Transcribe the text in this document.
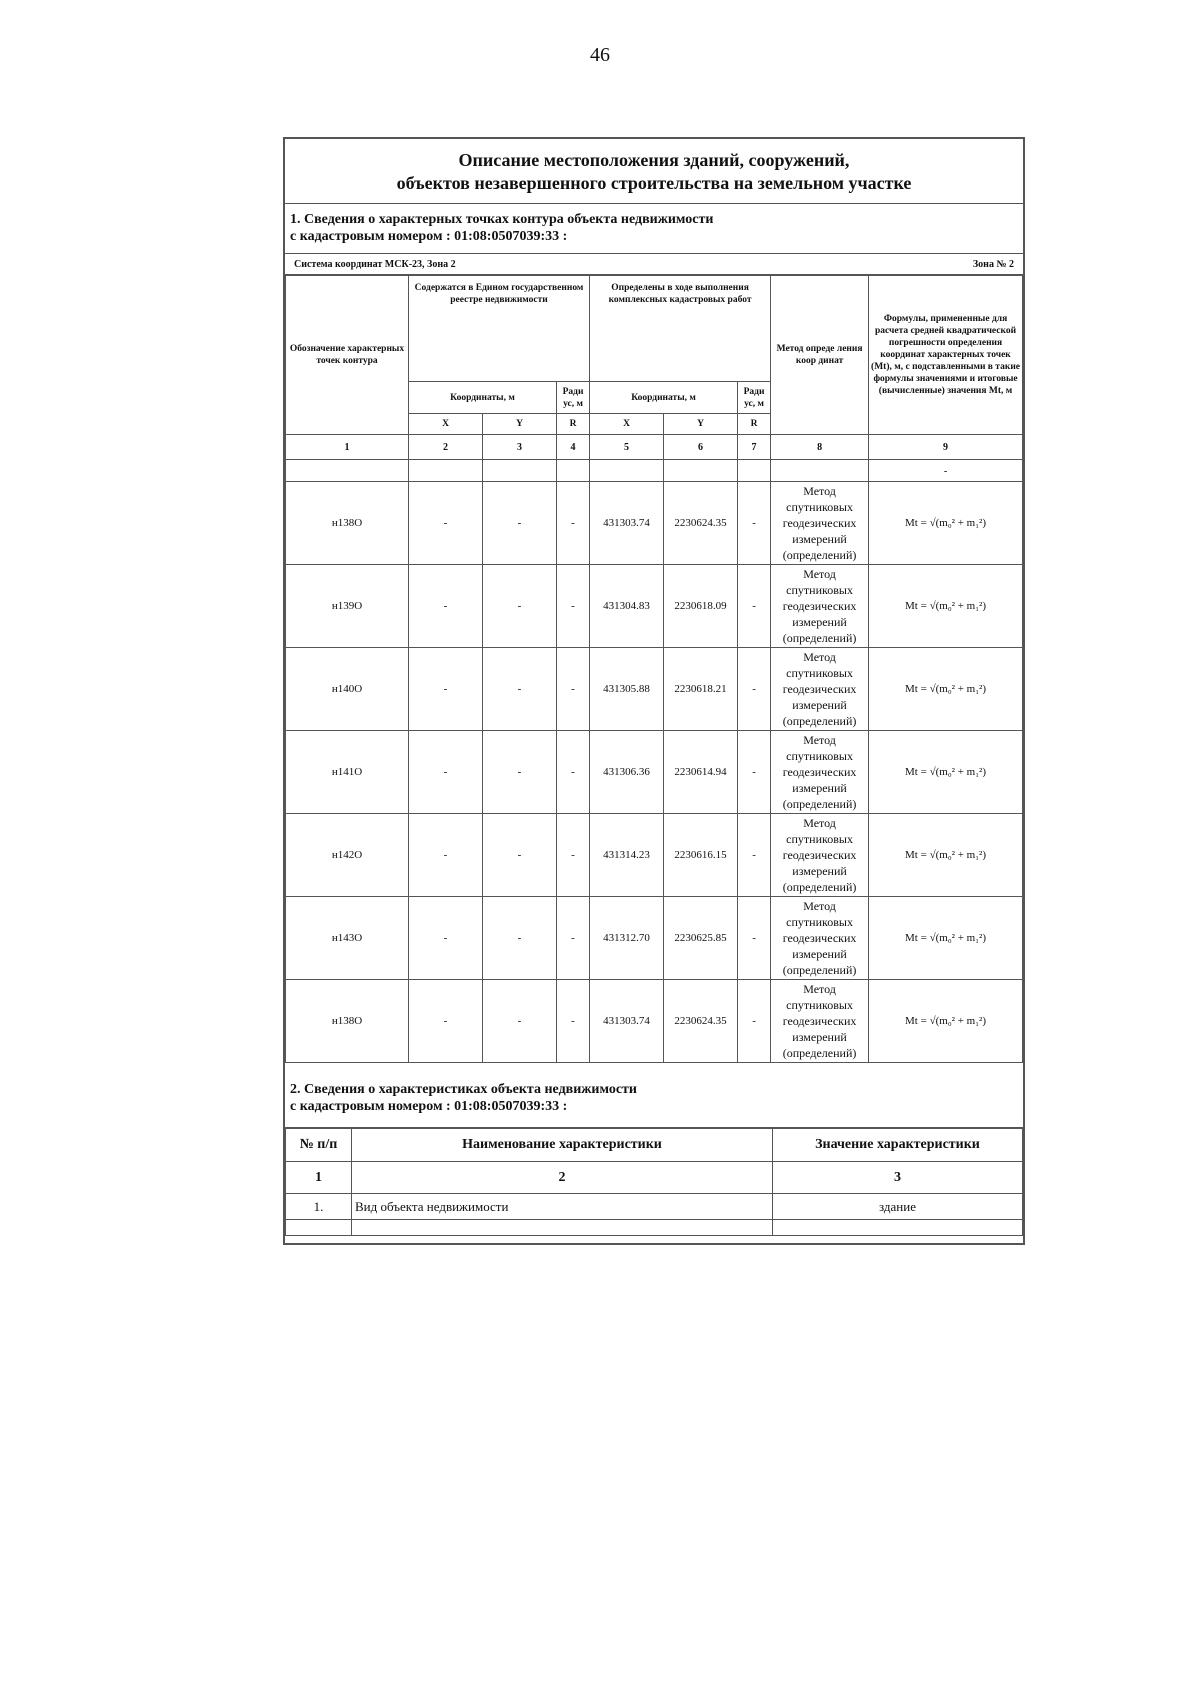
46
Описание местоположения зданий, сооружений,
объектов незавершенного строительства на земельном участке
1. Сведения о характерных точках контура объекта недвижимости
с кадастровым номером : 01:08:0507039:33 :
Система координат МСК-23, Зона 2	Зона № 2
Обозначение характерных точек контура	Содержатся в Едином государственном реестре недвижимости			Определены в ходе выполнения комплексных кадастровых работ			Метод опреде ления коор динат	Формулы, примененные для расчета средней квадратической погрешности определения координат характерных точек (Mt), м, с подставленными в такие формулы значениями и итоговые (вычисленные) значения Mt, м
	Координаты, м		Ради ус, м	Координаты, м		Ради ус, м		
	X	Y	R	X	Y	R		
1	2	3	4	5	6	7	8	9
								-
н138О	-	-	-	431303.74	2230624.35	-	Метод спутниковых геодезических измерений (определений)	Mt = √(m₀² + m₁²)
н139О	-	-	-	431304.83	2230618.09	-	Метод спутниковых геодезических измерений (определений)	Mt = √(m₀² + m₁²)
н140О	-	-	-	431305.88	2230618.21	-	Метод спутниковых геодезических измерений (определений)	Mt = √(m₀² + m₁²)
н141О	-	-	-	431306.36	2230614.94	-	Метод спутниковых геодезических измерений (определений)	Mt = √(m₀² + m₁²)
н142О	-	-	-	431314.23	2230616.15	-	Метод спутниковых геодезических измерений (определений)	Mt = √(m₀² + m₁²)
н143О	-	-	-	431312.70	2230625.85	-	Метод спутниковых геодезических измерений (определений)	Mt = √(m₀² + m₁²)
н138О	-	-	-	431303.74	2230624.35	-	Метод спутниковых геодезических измерений (определений)	Mt = √(m₀² + m₁²)
2. Сведения о характеристиках объекта недвижимости
с кадастровым номером : 01:08:0507039:33 :
№ п/п	Наименование характеристики	Значение характеристики
1	2	3
1.	Вид объекта недвижимости	здание
